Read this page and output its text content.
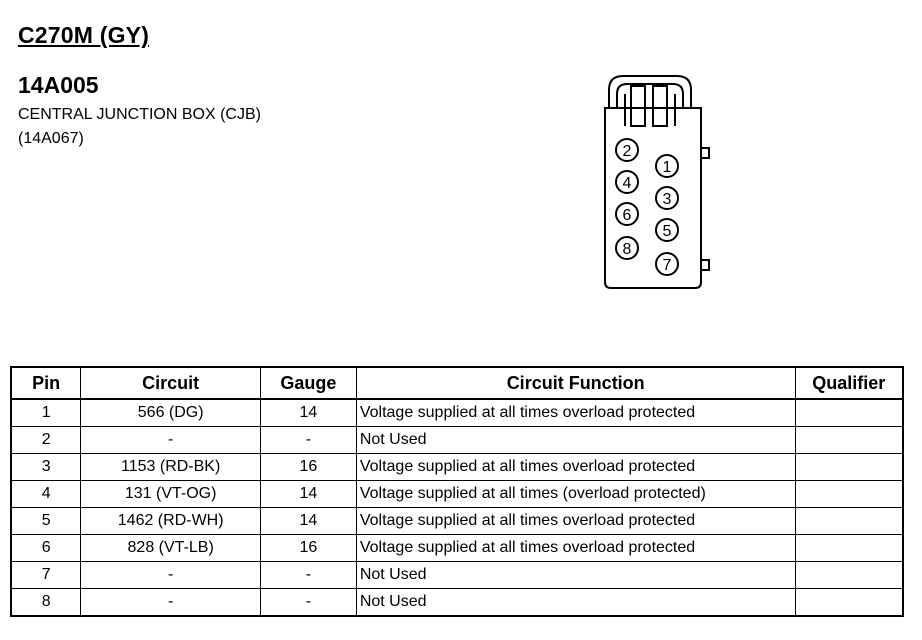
C270M (GY)
14A005

CENTRAL JUNCTION BOX (CJB)

(14A067)

1
2
3
4
5
6
7
8
Pin	Circuit	Gauge	Circuit Function	Qualifier
1	566 (DG)	14	Voltage supplied at all times overload protected	
2	-	-	Not Used	
3	1153 (RD-BK)	16	Voltage supplied at all times overload protected	
4	131 (VT-OG)	14	Voltage supplied at all times (overload protected)	
5	1462 (RD-WH)	14	Voltage supplied at all times overload protected	
6	828 (VT-LB)	16	Voltage supplied at all times overload protected	
7	-	-	Not Used	
8	-	-	Not Used	
